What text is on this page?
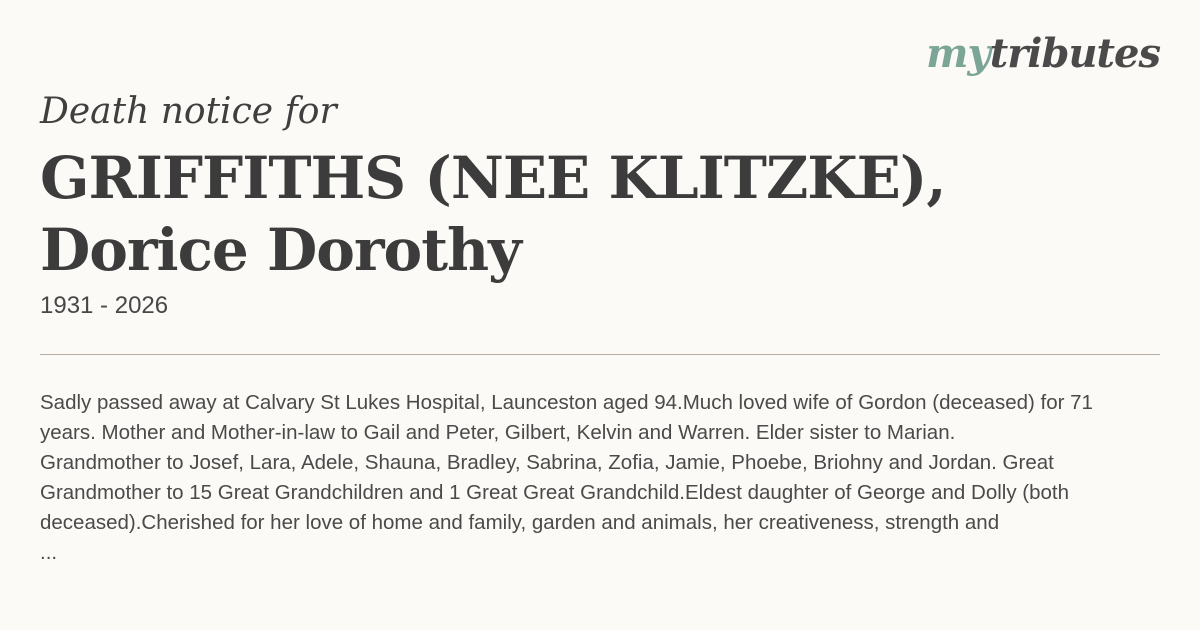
mytributes
Death notice for
GRIFFITHS (NEE KLITZKE),
Dorice Dorothy
1931 - 2026
Sadly passed away at Calvary St Lukes Hospital, Launceston aged 94.Much loved wife of Gordon (deceased) for 71
years. Mother and Mother-in-law to Gail and Peter, Gilbert, Kelvin and Warren. Elder sister to Marian.
Grandmother to Josef, Lara, Adele, Shauna, Bradley, Sabrina, Zofia, Jamie, Phoebe, Briohny and Jordan. Great
Grandmother to 15 Great Grandchildren and 1 Great Great Grandchild.Eldest daughter of George and Dolly (both
deceased).Cherished for her love of home and family, garden and animals, her creativeness, strength and
...
